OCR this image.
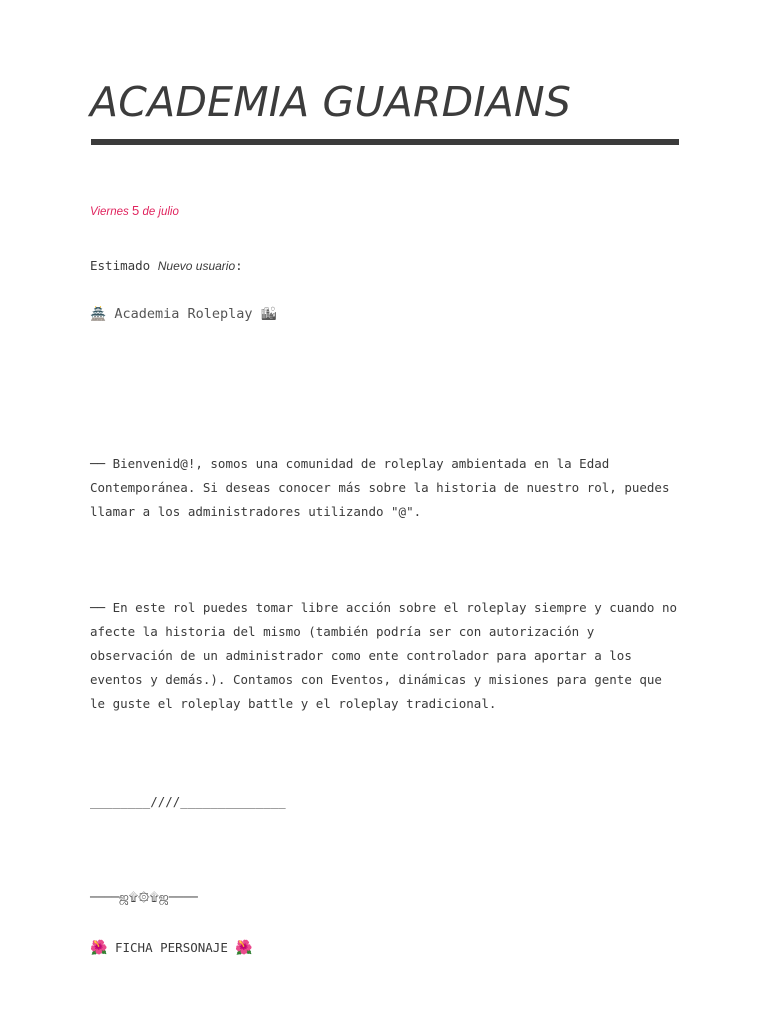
ACADEMIA GUARDIANS
Viernes 5 de julio
Estimado Nuevo usuario:
🏯 Academia Roleplay 🏙
── Bienvenid@!, somos una comunidad de roleplay ambientada en la Edad
Contemporánea. Si deseas conocer más sobre la historia de nuestro rol, puedes
llamar a los administradores utilizando "@".
── En este rol puedes tomar libre acción sobre el roleplay siempre y cuando no
afecte la historia del mismo (también podría ser con autorización y
observación de un administrador como ente controlador para aportar a los
eventos y demás.). Contamos con Eventos, dinámicas y misiones para gente que
le guste el roleplay battle y el roleplay tradicional.
________////______________
────ஜ۩۞۩ஜ────
🌺 FICHA PERSONAJE 🌺
